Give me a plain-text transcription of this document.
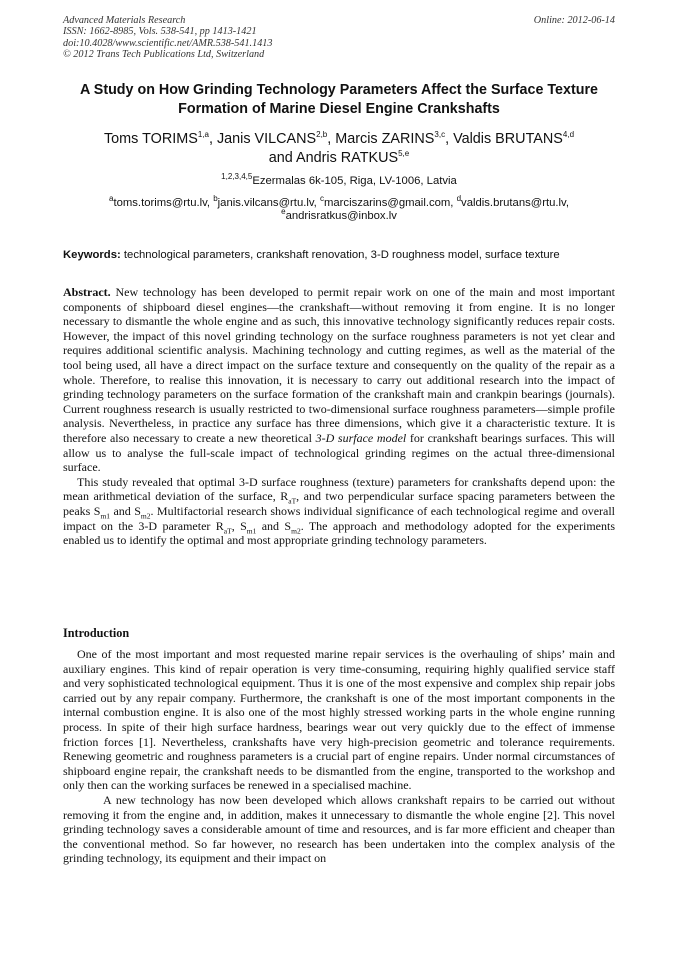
Advanced Materials Research
ISSN: 1662-8985, Vols. 538-541, pp 1413-1421
doi:10.4028/www.scientific.net/AMR.538-541.1413
© 2012 Trans Tech Publications Ltd, Switzerland
Online: 2012-06-14
A Study on How Grinding Technology Parameters Affect the Surface Texture Formation of Marine Diesel Engine Crankshafts
Toms TORIMS$^{1,a}$, Janis VILCANS$^{2,b}$, Marcis ZARINS$^{3,c}$, Valdis BRUTANS$^{4,d}$
and Andris RATKUS$^{5,e}$
$^{1,2,3,4,5}$Ezermalas 6k-105, Riga, LV-1006, Latvia
$^a$toms.torims@rtu.lv, $^b$janis.vilcans@rtu.lv, $^c$marciszarins@gmail.com, $^d$valdis.brutans@rtu.lv,
$^e$andrisratkus@inbox.lv
Keywords: technological parameters, crankshaft renovation, 3-D roughness model, surface texture

Abstract. New technology has been developed to permit repair work on one of the main and most important components of shipboard diesel engines—the crankshaft—without removing it from engine. It is no longer necessary to dismantle the whole engine and as such, this innovative technology significantly reduces repair costs. However, the impact of this novel grinding technology on the surface roughness parameters is not yet clear and requires additional scientific analysis. Machining technology and cutting regimes, as well as the material of the tool being used, all have a direct impact on the surface texture and consequently on the quality of the repair as a whole. Therefore, to realise this innovation, it is necessary to carry out additional research into the impact of grinding technology parameters on the surface formation of the crankshaft main and crankpin bearings (journals). Current roughness research is usually restricted to two-dimensional surface roughness parameters—simple profile analysis. Nevertheless, in practice any surface has three dimensions, which give it a characteristic texture. It is therefore also necessary to create a new theoretical 3-D surface model for crankshaft bearings surfaces. This will allow us to analyse the full-scale impact of technological grinding regimes on the actual three-dimensional surface.

This study revealed that optimal 3-D surface roughness (texture) parameters for crankshafts depend upon: the mean arithmetical deviation of the surface, $R_{aT}$, and two perpendicular surface spacing parameters between the peaks $S_{m1}$ and $S_{m2}$. Multifactorial research shows individual significance of each technological regime and overall impact on the 3-D parameter $R_{aT}$, $S_{m1}$ and $S_{m2}$. The approach and methodology adopted for the experiments enabled us to identify the optimal and most appropriate grinding technology parameters.

Introduction

One of the most important and most requested marine repair services is the overhauling of ships’ main and auxiliary engines. This kind of repair operation is very time-consuming, requiring highly qualified service staff and very sophisticated technological equipment. Thus it is one of the most expensive and complex ship repair jobs carried out by any repair company. Furthermore, the crankshaft is one of the most important components in the internal combustion engine. It is also one of the most highly stressed working parts in the whole engine running process. In spite of their high surface hardness, bearings wear out very quickly due to the effect of immense friction forces [1]. Nevertheless, crankshafts have very high-precision geometric and tolerance requirements. Renewing geometric and roughness parameters is a crucial part of engine repairs. Under normal circumstances of shipboard engine repair, the crankshaft needs to be dismantled from the engine, transported to the workshop and only then can the working surfaces be renewed in a specialised machine.

A new technology has now been developed which allows crankshaft repairs to be carried out without removing it from the engine and, in addition, makes it unnecessary to dismantle the whole engine [2]. This novel grinding technology saves a considerable amount of time and resources, and is far more efficient and cheaper than the conventional method. So far however, no research has been undertaken into the complex analysis of the grinding technology, its equipment and their impact on
